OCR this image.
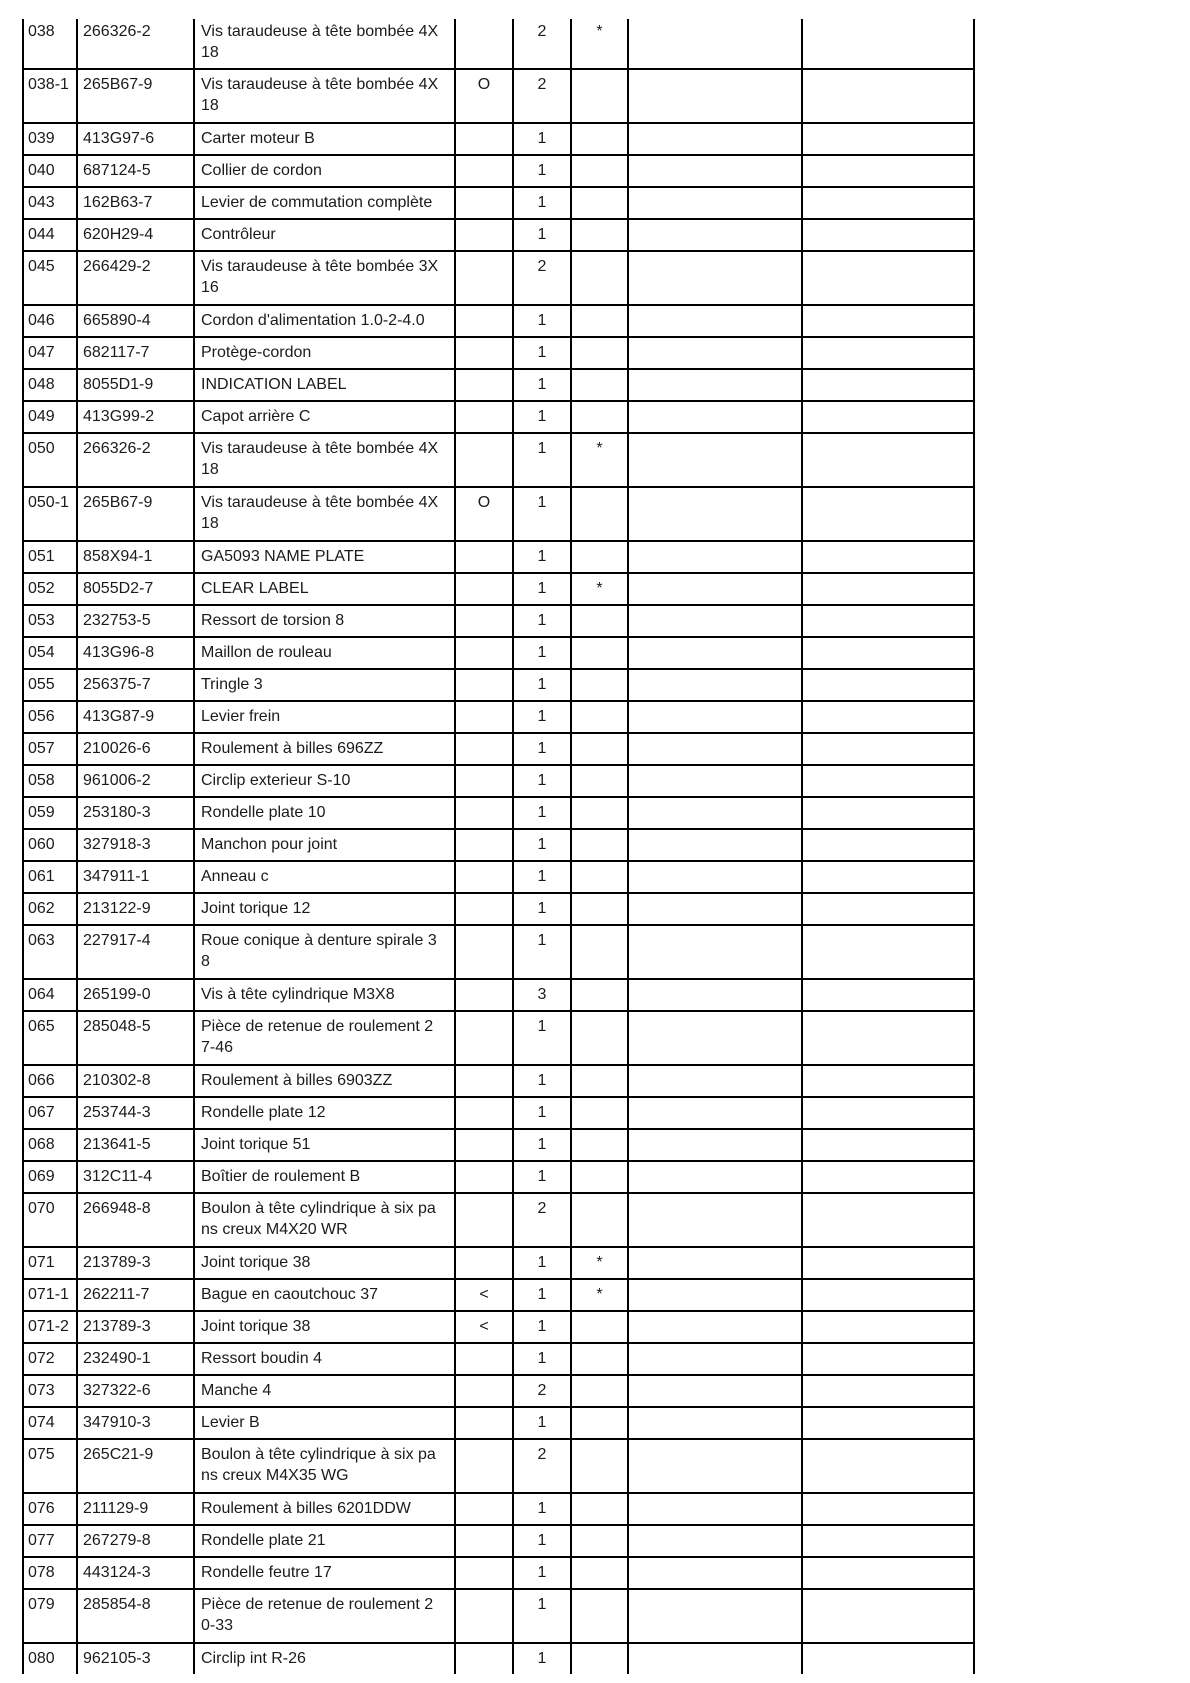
038	266326-2	Vis taraudeuse à tête bombée 4X
18
2	*
038-1 265B67-9	Vis taraudeuse à tête bombée 4X
18
O	2
039	413G97-6	Carter moteur B	1
040	687124-5	Collier de cordon	1
043	162B63-7	Levier de commutation complète	1
044	620H29-4	Contrôleur	1
045	266429-2	Vis taraudeuse à tête bombée 3X
16
2
046	665890-4	Cordon d'alimentation 1.0-2-4.0	1
047	682117-7	Protège-cordon	1
048	8055D1-9	INDICATION LABEL	1
049	413G99-2	Capot arrière C	1
050	266326-2	Vis taraudeuse à tête bombée 4X
18
1	*
050-1 265B67-9	Vis taraudeuse à tête bombée 4X
18
O	1
051	858X94-1	GA5093 NAME PLATE	1
052	8055D2-7	CLEAR LABEL	1	*
053	232753-5	Ressort de torsion 8	1
054	413G96-8	Maillon de rouleau	1
055	256375-7	Tringle 3	1
056	413G87-9	Levier frein	1
057	210026-6	Roulement à billes 696ZZ	1
058	961006-2	Circlip exterieur S-10	1
059	253180-3	Rondelle plate 10	1
060	327918-3	Manchon pour joint	1
061	347911-1	Anneau c	1
062	213122-9	Joint torique 12	1
063	227917-4	Roue conique à denture spirale 3
8
1
064	265199-0	Vis à tête cylindrique M3X8	3
065	285048-5	Pièce de retenue de roulement 2
7-46
1
066	210302-8	Roulement à billes 6903ZZ	1
067	253744-3	Rondelle plate 12	1
068	213641-5	Joint torique 51	1
069	312C11-4	Boîtier de roulement B	1
070	266948-8	Boulon à tête cylindrique à six pa
ns creux M4X20 WR
2
071	213789-3	Joint torique 38	1	*
071-1 262211-7	Bague en caoutchouc 37	<	1	*
071-2 213789-3	Joint torique 38	<	1
072	232490-1	Ressort boudin 4	1
073	327322-6	Manche 4	2
074	347910-3	Levier B	1
075	265C21-9	Boulon à tête cylindrique à six pa
ns creux M4X35 WG
2
076	211129-9	Roulement à billes 6201DDW	1
077	267279-8	Rondelle plate 21	1
078	443124-3	Rondelle feutre 17	1
079	285854-8	Pièce de retenue de roulement 2
0-33
1
080	962105-3	Circlip int R-26	1
